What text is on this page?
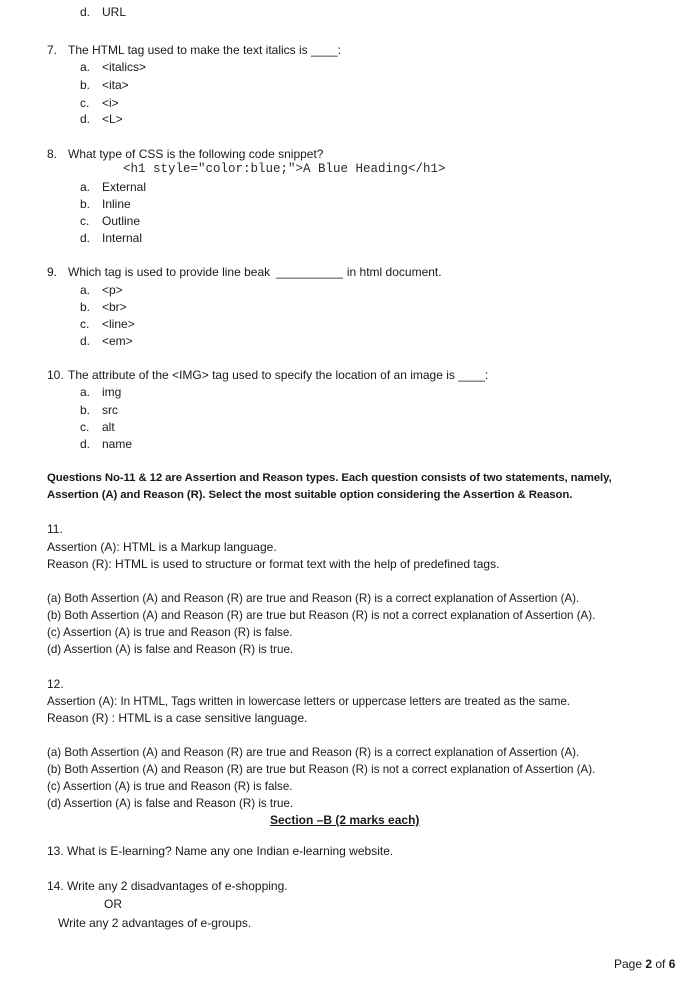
d. URL
7. The HTML tag used to make the text italics is ____:
a. <italics>
b. <ita>
c. <i>
d. <L>
8. What type of CSS is the following code snippet?
<h1 style="color:blue;">A Blue Heading</h1>
a. External
b. Inline
c. Outline
d. Internal
9. Which tag is used to provide line beak __________ in html document.
a. <p>
b. <br>
c. <line>
d. <em>
10. The attribute of the <IMG> tag used to specify the location of an image is ____:
a. img
b. src
c. alt
d. name
Questions No-11 & 12 are Assertion and Reason types. Each question consists of two statements, namely,
Assertion (A) and Reason (R). Select the most suitable option considering the Assertion & Reason.
11.
Assertion (A): HTML is a Markup language.
Reason (R): HTML is used to structure or format text with the help of predefined tags.
(a) Both Assertion (A) and Reason (R) are true and Reason (R) is a correct explanation of Assertion (A).
(b) Both Assertion (A) and Reason (R) are true but Reason (R) is not a correct explanation of Assertion (A).
(c) Assertion (A) is true and Reason (R) is false.
(d) Assertion (A) is false and Reason (R) is true.
12.
Assertion (A): In HTML, Tags written in lowercase letters or uppercase letters are treated as the same.
Reason (R) : HTML is a case sensitive language.
(a) Both Assertion (A) and Reason (R) are true and Reason (R) is a correct explanation of Assertion (A).
(b) Both Assertion (A) and Reason (R) are true but Reason (R) is not a correct explanation of Assertion (A).
(c) Assertion (A) is true and Reason (R) is false.
(d) Assertion (A) is false and Reason (R) is true.
Section –B (2 marks each)
13. What is E-learning? Name any one Indian e-learning website.
14. Write any 2 disadvantages of e-shopping.
OR
Write any 2 advantages of e-groups.
Page 2 of 6
